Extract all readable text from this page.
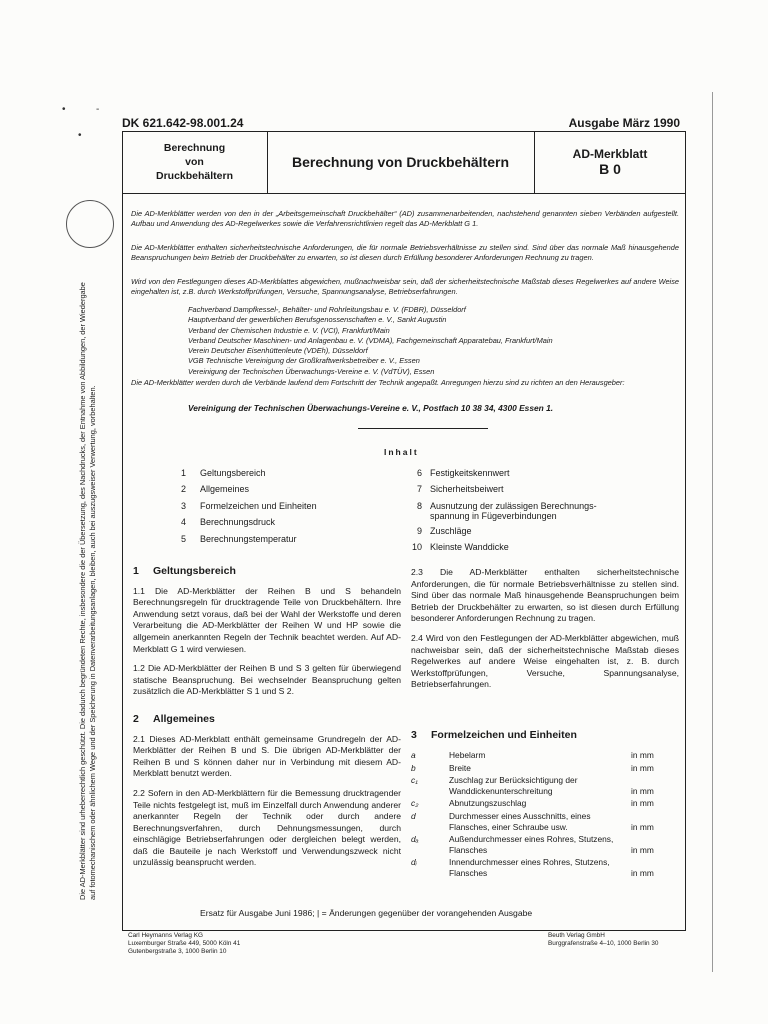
•	-
•
Die AD-Merkblätter sind urheberrechtlich geschützt. Die dadurch begründeten Rechte, insbesondere die der Übersetzung, des Nachdrucks, der Entnahme von Abbildungen, der Wiedergabe auf fotomechanischem oder ähnlichem Wege und der Speicherung in Datenverarbeitungsanlagen, bleiben, auch bei auszugsweiser Verwertung, vorbehalten.
DK 621.642-98.001.24	Ausgabe März 1990
Berechnung
von
Druckbehältern
Berechnung von Druckbehältern	AD-Merkblatt
B 0
Die AD-Merkblätter werden von den in der „Arbeitsgemeinschaft Druckbehälter“ (AD) zusammenarbeitenden, nachstehend genannten sieben Verbänden aufgestellt. Aufbau und Anwendung des AD-Regelwerkes sowie die Verfahrensrichtlinien regelt das AD-Merkblatt G 1.
Die AD-Merkblätter enthalten sicherheitstechnische Anforderungen, die für normale Betriebsverhältnisse zu stellen sind. Sind über das normale Maß hinausgehende Beanspruchungen beim Betrieb der Druckbehälter zu erwarten, so ist diesen durch Erfüllung besonderer Anforderungen Rechnung zu tragen.
Wird von den Festlegungen dieses AD-Merkblattes abgewichen, mußnachweisbar sein, daß der sicherheitstechnische Maßstab dieses Regelwerkes auf andere Weise eingehalten ist, z.B. durch Werkstoffprüfungen, Versuche, Spannungsanalyse, Betriebserfahrungen.
Fachverband Dampfkessel-, Behälter- und Rohrleitungsbau e. V. (FDBR), Düsseldorf
Hauptverband der gewerblichen Berufsgenossenschaften e. V., Sankt Augustin
Verband der Chemischen Industrie e. V. (VCI), Frankfurt/Main
Verband Deutscher Maschinen- und Anlagenbau e. V. (VDMA), Fachgemeinschaft Apparatebau, Frankfurt/Main
Verein Deutscher Eisenhüttenleute (VDEh), Düsseldorf
VGB Technische Vereinigung der Großkraftwerksbetreiber e. V., Essen
Vereinigung der Technischen Überwachungs-Vereine e. V. (VdTÜV), Essen
Die AD-Merkblätter werden durch die Verbände laufend dem Fortschritt der Technik angepaßt. Anregungen hierzu sind zu richten an den Herausgeber:
Vereinigung der Technischen Überwachungs-Vereine e. V., Postfach 10 38 34, 4300 Essen 1.
Inhalt
1 Geltungsbereich
2 Allgemeines
3 Formelzeichen und Einheiten
4 Berechnungsdruck
5 Berechnungstemperatur
6 Festigkeitskennwert
7 Sicherheitsbeiwert
8 Ausnutzung der zulässigen Berechnungs-
spannung in Fügeverbindungen
9 Zuschläge
10 Kleinste Wanddicke
1	Geltungsbereich
1.1 Die AD-Merkblätter der Reihen B und S behandeln Berechnungsregeln für drucktragende Teile von Druckbehältern. Ihre Anwendung setzt voraus, daß bei der Wahl der Werkstoffe und deren Verarbeitung die AD-Merkblätter der Reihen W und HP sowie die allgemein anerkannten Regeln der Technik beachtet werden. Auf AD-Merkblatt G 1 wird verwiesen.
1.2 Die AD-Merkblätter der Reihen B und S 3 gelten für überwiegend statische Beanspruchung. Bei wechselnder Beanspruchung gelten zusätzlich die AD-Merkblätter S 1 und S 2.
2	Allgemeines
2.1 Dieses AD-Merkblatt enthält gemeinsame Grundregeln der AD-Merkblätter der Reihen B und S. Die übrigen AD-Merkblätter der Reihen B und S können daher nur in Verbindung mit diesem AD-Merkblatt benutzt werden.
2.2 Sofern in den AD-Merkblättern für die Bemessung drucktragender Teile nichts festgelegt ist, muß im Einzelfall durch Anwendung anderer anerkannter Regeln der Technik oder durch andere Berechnungsverfahren, durch Dehnungsmessungen, durch einschlägige Betriebserfahrungen oder dergleichen belegt werden, daß die Bauteile je nach Werkstoff und Verwendungszweck nicht unzulässig beansprucht werden.
2.3 Die AD-Merkblätter enthalten sicherheitstechnische Anforderungen, die für normale Betriebsverhältnisse zu stellen sind. Sind über das normale Maß hinausgehende Beanspruchungen beim Betrieb der Druckbehälter zu erwarten, so ist diesen durch Erfüllung besonderer Anforderungen Rechnung zu tragen.
2.4 Wird von den Festlegungen der AD-Merkblätter abgewichen, muß nachweisbar sein, daß der sicherheitstechnische Maßstab dieses Regelwerkes auf andere Weise eingehalten ist, z. B. durch Werkstoffprüfungen, Versuche, Spannungsanalyse, Betriebserfahrungen.
3	Formelzeichen und Einheiten
a	Hebelarm	in mm
b	Breite	in mm
c₁	Zuschlag zur Berücksichtigung der Wanddickenunterschreitung	in mm
c₂	Abnutzungszuschlag	in mm
d	Durchmesser eines Ausschnitts, eines Flansches, einer Schraube usw.	in mm
dₐ	Außendurchmesser eines Rohres, Stutzens, Flansches	in mm
dᵢ	Innendurchmesser eines Rohres, Stutzens, Flansches	in mm
Ersatz für Ausgabe Juni 1986; | = Änderungen gegenüber der vorangehenden Ausgabe
Carl Heymanns Verlag KG
Luxemburger Straße 449, 5000 Köln 41
Gutenbergstraße 3, 1000 Berlin 10
Beuth Verlag GmbH
Burggrafenstraße 4–10, 1000 Berlin 30
